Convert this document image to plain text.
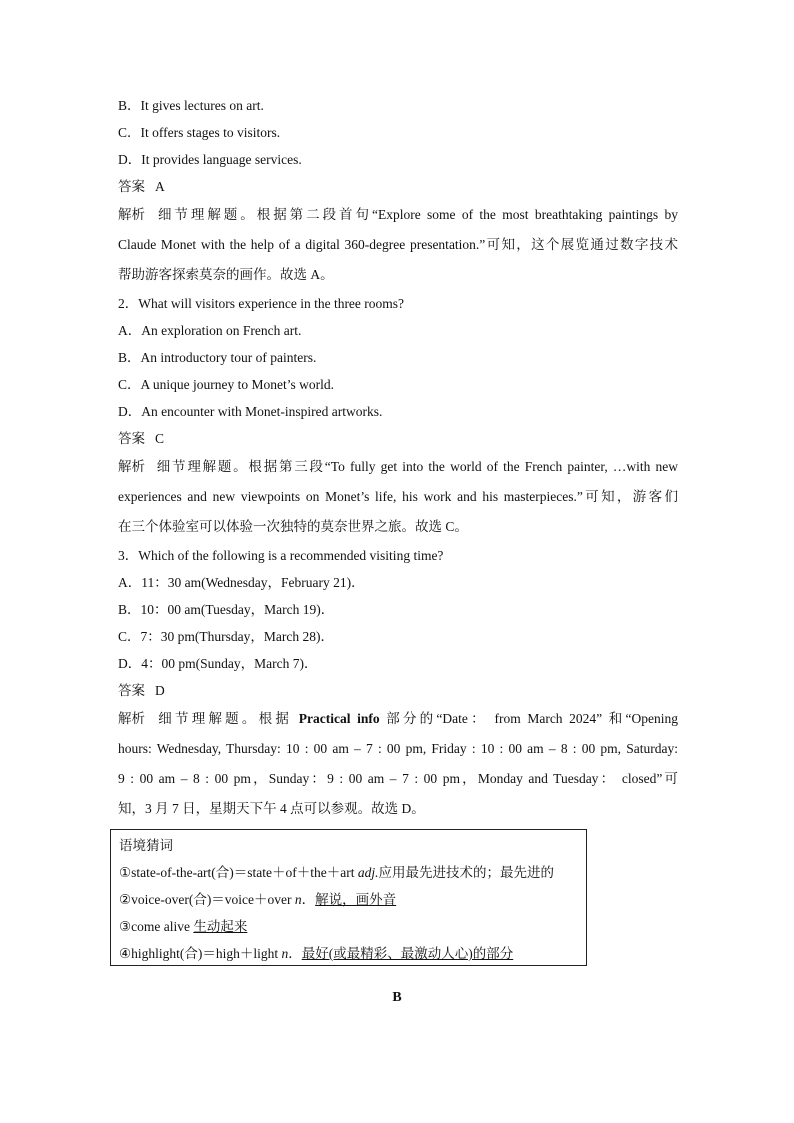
B．It gives lectures on art.
C．It offers stages to visitors.
D．It provides language services.
答案 A
解析 细节理解题。根据第二段首句“Explore some of the most breathtaking paintings by
Claude Monet with the help of a digital 360-degree presentation.”可知，这个展览通过数字技术
帮助游客探索莫奈的画作。故选 A。
2．What will visitors experience in the three rooms?
A．An exploration on French art.
B．An introductory tour of painters.
C．A unique journey to Monet’s world.
D．An encounter with Monet-inspired artworks.
答案 C
解析 细节理解题。根据第三段“To fully get into the world of the French painter, …with new
experiences and new viewpoints on Monet’s life, his work and his masterpieces.”可知，游客们
在三个体验室可以体验一次独特的莫奈世界之旅。故选 C。
3．Which of the following is a recommended visiting time?
A．11：30 am(Wednesday，February 21)．
B．10：00 am(Tuesday，March 19)．
C．7：30 pm(Thursday，March 28)．
D．4：00 pm(Sunday，March 7)．
答案 D
解析 细节理解题。根据 Practical info 部分的“Date： from March 2024” 和“Opening
hours: Wednesday, Thursday: 10 : 00 am – 7 : 00 pm, Friday : 10 : 00 am – 8 : 00 pm, Saturday:
9 : 00 am – 8 : 00 pm，Sunday：9 : 00 am – 7 : 00 pm，Monday and Tuesday： closed”可
知，3 月 7 日，星期天下午 4 点可以参观。故选 D。
语境猜词
①state-of-the-art(合)＝state＋of＋the＋art adj.应用最先进技术的；最先进的
②voice-over(合)＝voice＋over n．解说，画外音
③come alive 生动起来
④highlight(合)＝high＋light n．最好(或最精彩、最激动人心)的部分
B
